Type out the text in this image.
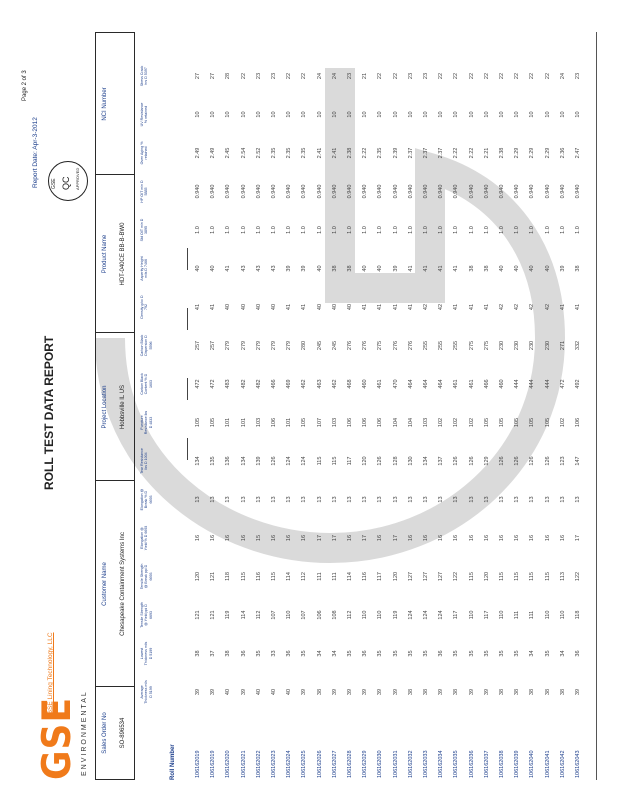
Page 2 of 3
GSE
GSE Lining Technology, LLC
ENVIRONMENTAL
ROLL TEST DATA REPORT
Report Date: Apr-3-2012 GSE QC APPROVED
Sales Order No SO-896534
Customer Name Chesapeake Containment Systems Inc
Project Location Hobbsville IL US
Product Name HDT-040CE BB-B-BW0
NCI Number
Roll Number
Average Thickness mils D 5199
Lowest Thickness mils D 5199
Tensile Strength @ Yield ppi D 6693
Tensile Strength @ Break ppi D 6693
Elongation @ Yield % D 6693
Elongation @ Break % D 6693
Tear Resistance lbs D 1004
Puncture Resistance lbs D 4833
Carbon Black Content % D 1603
Carbon Black Dispersion D 5596
Density g/cc D 792
Asperity Height mils D 7466
Std OIT min D 3895
HP OIT min D 5885
Oven Aging % retained
UV Resistance % retained
Stress Crack hrs D 5397
106162019
39
38
121
120
16
13
134
105
472
257
41
40
1.0
0.940
2.49
10
27
106162019
39
37
121
121
16
13
135
105
472
257
41
40
1.0
0.940
2.49
10
27
106162020
40
38
119
118
16
13
136
101
483
279
40
41
1.0
0.940
2.45
10
28
106162021
39
36
114
115
16
13
134
101
482
279
40
43
1.0
0.940
2.54
10
22
106162022
40
35
112
116
15
13
139
103
482
279
40
43
1.0
0.940
2.52
10
23
106162023
40
33
107
115
16
13
126
106
466
279
40
43
1.0
0.940
2.35
10
23
106162024
40
36
110
114
16
13
124
101
469
279
41
39
1.0
0.940
2.35
10
22
106162025
39
35
107
112
16
13
124
105
462
280
41
39
1.0
0.940
2.35
10
22
106162026
38
34
106
111
17
13
115
107
463
245
40
40
1.0
0.940
2.41
10
24
106162027
39
34
108
111
17
13
115
103
462
245
40
38
1.0
0.940
2.41
10
24
106162028
39
35
112
114
16
13
117
106
468
276
40
38
1.0
0.940
2.38
10
23
106162029
39
36
110
116
17
13
120
106
460
276
41
40
1.0
0.940
2.22
10
21
106162030
39
35
110
117
16
13
126
106
461
275
41
40
1.0
0.940
2.35
10
22
106162031
39
35
119
120
17
13
128
104
470
276
41
39
1.0
0.940
2.39
10
22
106162032
38
35
124
127
16
13
130
104
464
276
41
41
1.0
0.940
2.37
10
23
106162033
38
35
124
127
16
13
134
103
464
255
42
41
1.0
0.940
2.37
10
23
106162034
39
36
124
127
16
13
137
102
464
255
42
41
1.0
0.940
2.37
10
22
106162035
38
35
117
122
16
13
126
102
461
255
41
41
1.0
0.940
2.22
10
22
106162036
39
35
110
115
16
13
126
102
461
275
41
38
1.0
0.940
2.22
10
22
106162037
39
35
117
120
16
13
129
105
466
275
41
38
1.0
0.940
2.21
10
22
106162038
38
35
110
115
16
13
126
105
460
230
42
40
1.0
0.940
2.38
10
22
106162039
38
35
111
115
16
13
126
105
444
230
42
40
1.0
0.940
2.29
10
22
106162040
38
34
111
115
16
13
126
105
444
230
42
40
1.0
0.940
2.29
10
22
106162041
38
35
110
115
16
13
126
105
444
230
42
40
1.0
0.940
2.29
10
22
106162042
38
34
110
113
16
13
123
102
472
271
41
39
1.0
0.940
2.36
10
24
106162043
39
36
118
122
17
13
147
106
492
332
41
38
1.0
0.940
2.47
10
23
